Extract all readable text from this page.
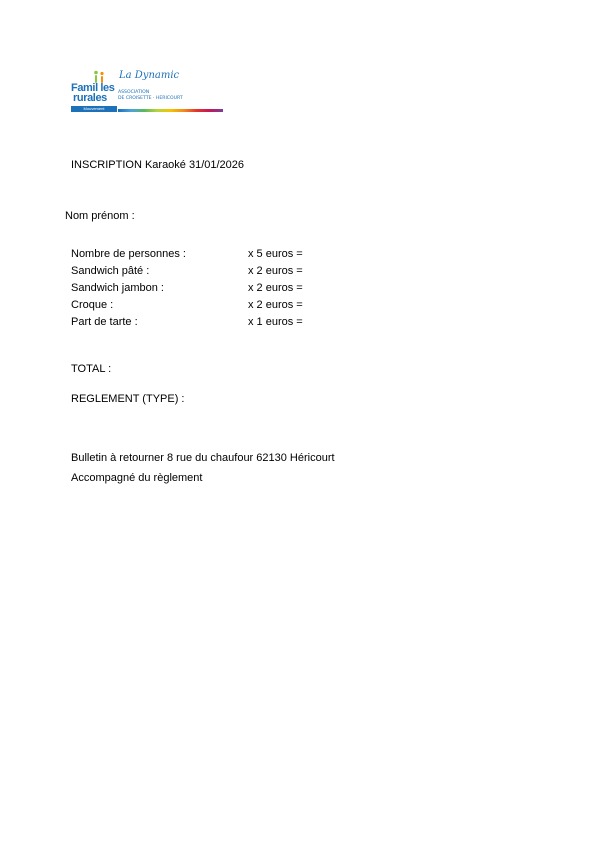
Famil les
rurales
Mouvement
La Dynamic
ASSOCIATION
DE CROISETTE · HERICOURT
INSCRIPTION Karaoké 31/01/2026
Nom prénom :
Nombre de personnes :	x 5 euros =
Sandwich pâté :	x 2 euros =
Sandwich jambon :	x 2 euros =
Croque :	x 2 euros =
Part de tarte :	x 1 euros =
TOTAL :
REGLEMENT (TYPE) :
Bulletin à retourner 8 rue du chaufour 62130 Héricourt
Accompagné du règlement
